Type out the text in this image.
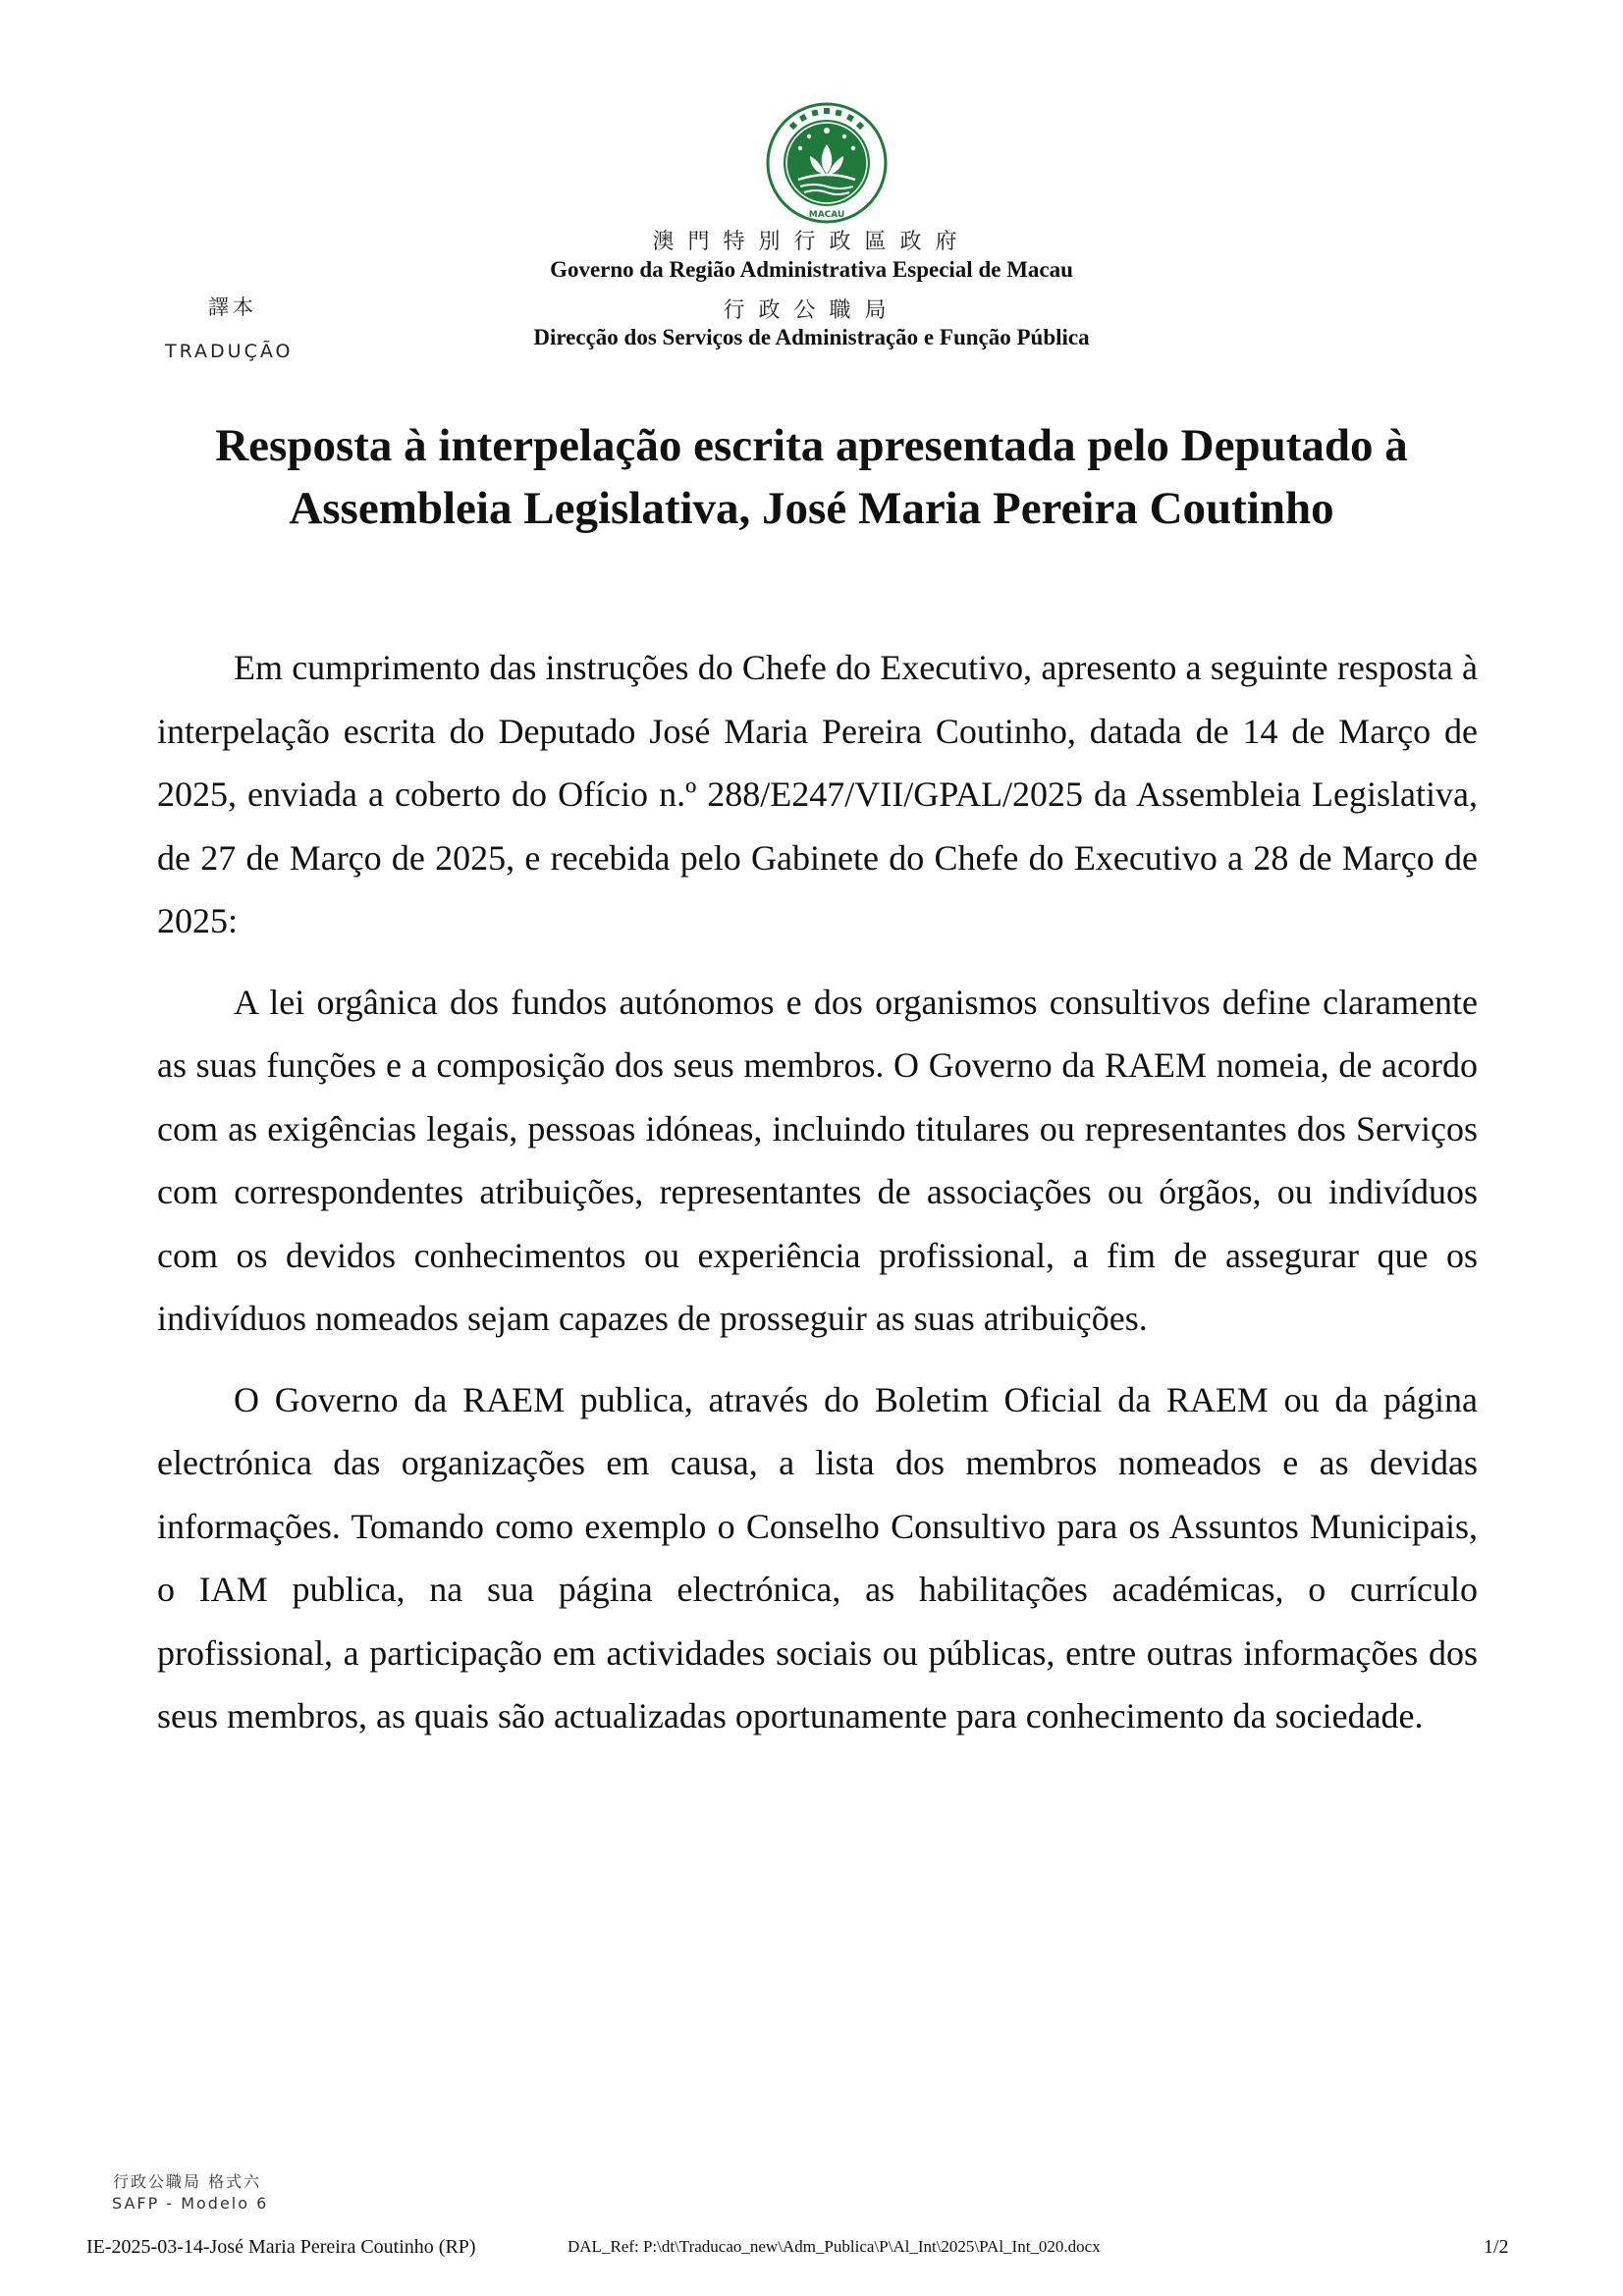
MACAU
澳門特別行政區政府
Governo da Região Administrativa Especial de Macau
行政公職局
Direcção dos Serviços de Administração e Função Pública
譯本
TRADUÇÃO
Resposta à interpelação escrita apresentada pelo Deputado à
Assembleia Legislativa, José Maria Pereira Coutinho

Em cumprimento das instruções do Chefe do Executivo, apresento a seguinte resposta à interpelação escrita do Deputado José Maria Pereira Coutinho, datada de 14 de Março de 2025, enviada a coberto do Ofício n.º 288/E247/VII/GPAL/2025 da Assembleia Legislativa, de 27 de Março de 2025, e recebida pelo Gabinete do Chefe do Executivo a 28 de Março de 2025:

A lei orgânica dos fundos autónomos e dos organismos consultivos define claramente as suas funções e a composição dos seus membros. O Governo da RAEM nomeia, de acordo com as exigências legais, pessoas idóneas, incluindo titulares ou representantes dos Serviços com correspondentes atribuições, representantes de associações ou órgãos, ou indivíduos com os devidos conhecimentos ou experiência profissional, a fim de assegurar que os indivíduos nomeados sejam capazes de prosseguir as suas atribuições.

O Governo da RAEM publica, através do Boletim Oficial da RAEM ou da página electrónica das organizações em causa, a lista dos membros nomeados e as devidas informações. Tomando como exemplo o Conselho Consultivo para os Assuntos Municipais, o IAM publica, na sua página electrónica, as habilitações académicas, o currículo profissional, a participação em actividades sociais ou públicas, entre outras informações dos seus membros, as quais são actualizadas oportunamente para conhecimento da sociedade.

行政公職局 格式六
SAFP - Modelo 6
IE-2025-03-14-José Maria Pereira Coutinho (RP)	DAL_Ref: P:\dt\Traducao_new\Adm_Publica\P\Al_Int\2025\PAl_Int_020.docx	1/2
